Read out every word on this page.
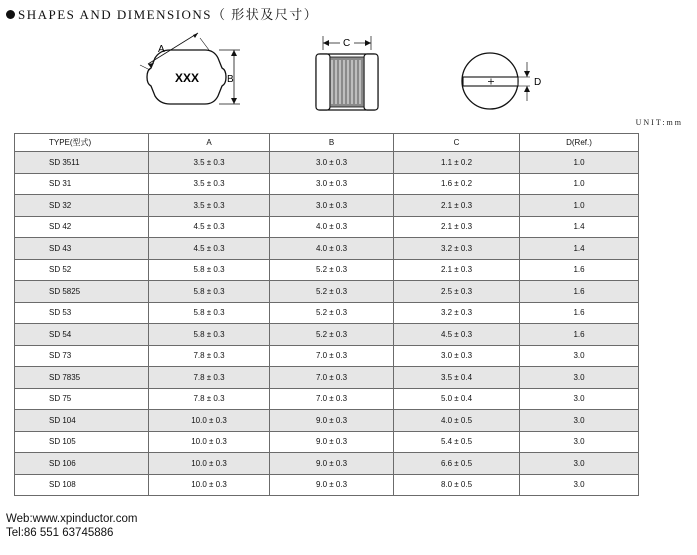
SHAPES AND DIMENSIONS（ 形状及尺寸）
A
XXX	B
C
D
UNIT:mm
TYPE(型式)	A	B	C	D(Ref.)
SD 3511	3.5 ± 0.3	3.0 ± 0.3	1.1 ± 0.2	1.0
SD 31	3.5 ± 0.3	3.0 ± 0.3	1.6 ± 0.2	1.0
SD 32	3.5 ± 0.3	3.0 ± 0.3	2.1 ± 0.3	1.0
SD 42	4.5 ± 0.3	4.0 ± 0.3	2.1 ± 0.3	1.4
SD 43	4.5 ± 0.3	4.0 ± 0.3	3.2 ± 0.3	1.4
SD 52	5.8 ± 0.3	5.2 ± 0.3	2.1 ± 0.3	1.6
SD 5825	5.8 ± 0.3	5.2 ± 0.3	2.5 ± 0.3	1.6
SD 53	5.8 ± 0.3	5.2 ± 0.3	3.2 ± 0.3	1.6
SD 54	5.8 ± 0.3	5.2 ± 0.3	4.5 ± 0.3	1.6
SD 73	7.8 ± 0.3	7.0 ± 0.3	3.0 ± 0.3	3.0
SD 7835	7.8 ± 0.3	7.0 ± 0.3	3.5 ± 0.4	3.0
SD 75	7.8 ± 0.3	7.0 ± 0.3	5.0 ± 0.4	3.0
SD 104	10.0 ± 0.3	9.0 ± 0.3	4.0 ± 0.5	3.0
SD 105	10.0 ± 0.3	9.0 ± 0.3	5.4 ± 0.5	3.0
SD 106	10.0 ± 0.3	9.0 ± 0.3	6.6 ± 0.5	3.0
SD 108	10.0 ± 0.3	9.0 ± 0.3	8.0 ± 0.5	3.0
Web:www.xpinductor.com
Tel:86 551 63745886
